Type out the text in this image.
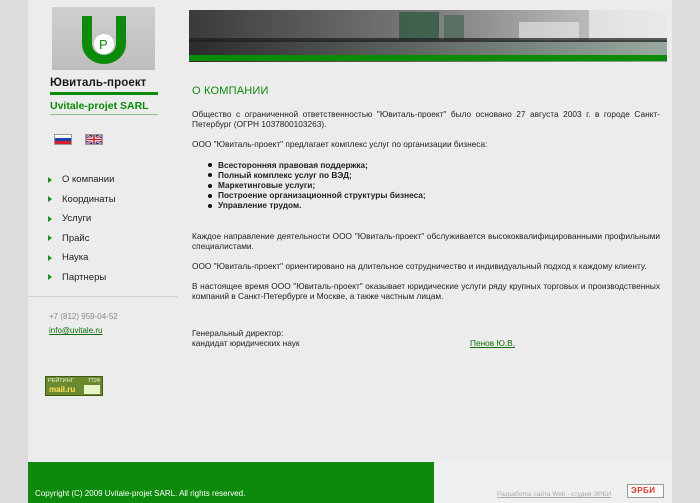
P
Ювиталь-проект
Uvitale-projet SARL
О компании
Координаты
Услуги
Прайс
Наука
Партнеры
+7 (812) 959-04-52
info@uvitale.ru
РЕЙТИНГ	7724
mail.ru
О КОМПАНИИ

Общество с ограниченной ответственностью "Ювиталь-проект" было основано 27 августа 2003 г. в городе Санкт-Петербург (ОГРН 1037800103263).

ООО "Ювиталь-проект" предлагает комплекс услуг по организации бизнеса:

Всесторонняя правовая поддержка;
Полный комплекс услуг по ВЭД;
Маркетинговые услуги;
Построение организационной структуры бизнеса;
Управление трудом.

Каждое направление деятельности ООО "Ювиталь-проект" обслуживается высококвалифицированными профильными специалистами.

ООО "Ювиталь-проект" ориентировано на длительное сотрудничество и индивидуальный подход к каждому клиенту.

В настоящее время ООО "Ювиталь-проект" оказывает юридические услуги ряду крупных торговых и производственных компаний в Санкт-Петербурге и Москве, а также частным лицам.

Генеральный директор:
кандидат юридических наук	Пенов Ю.В.
Copyright (C) 2009 Uvitale-projet SARL. All rights reserved.	Разработка сайта Web - студия ЭРБИ ЭРБИ
